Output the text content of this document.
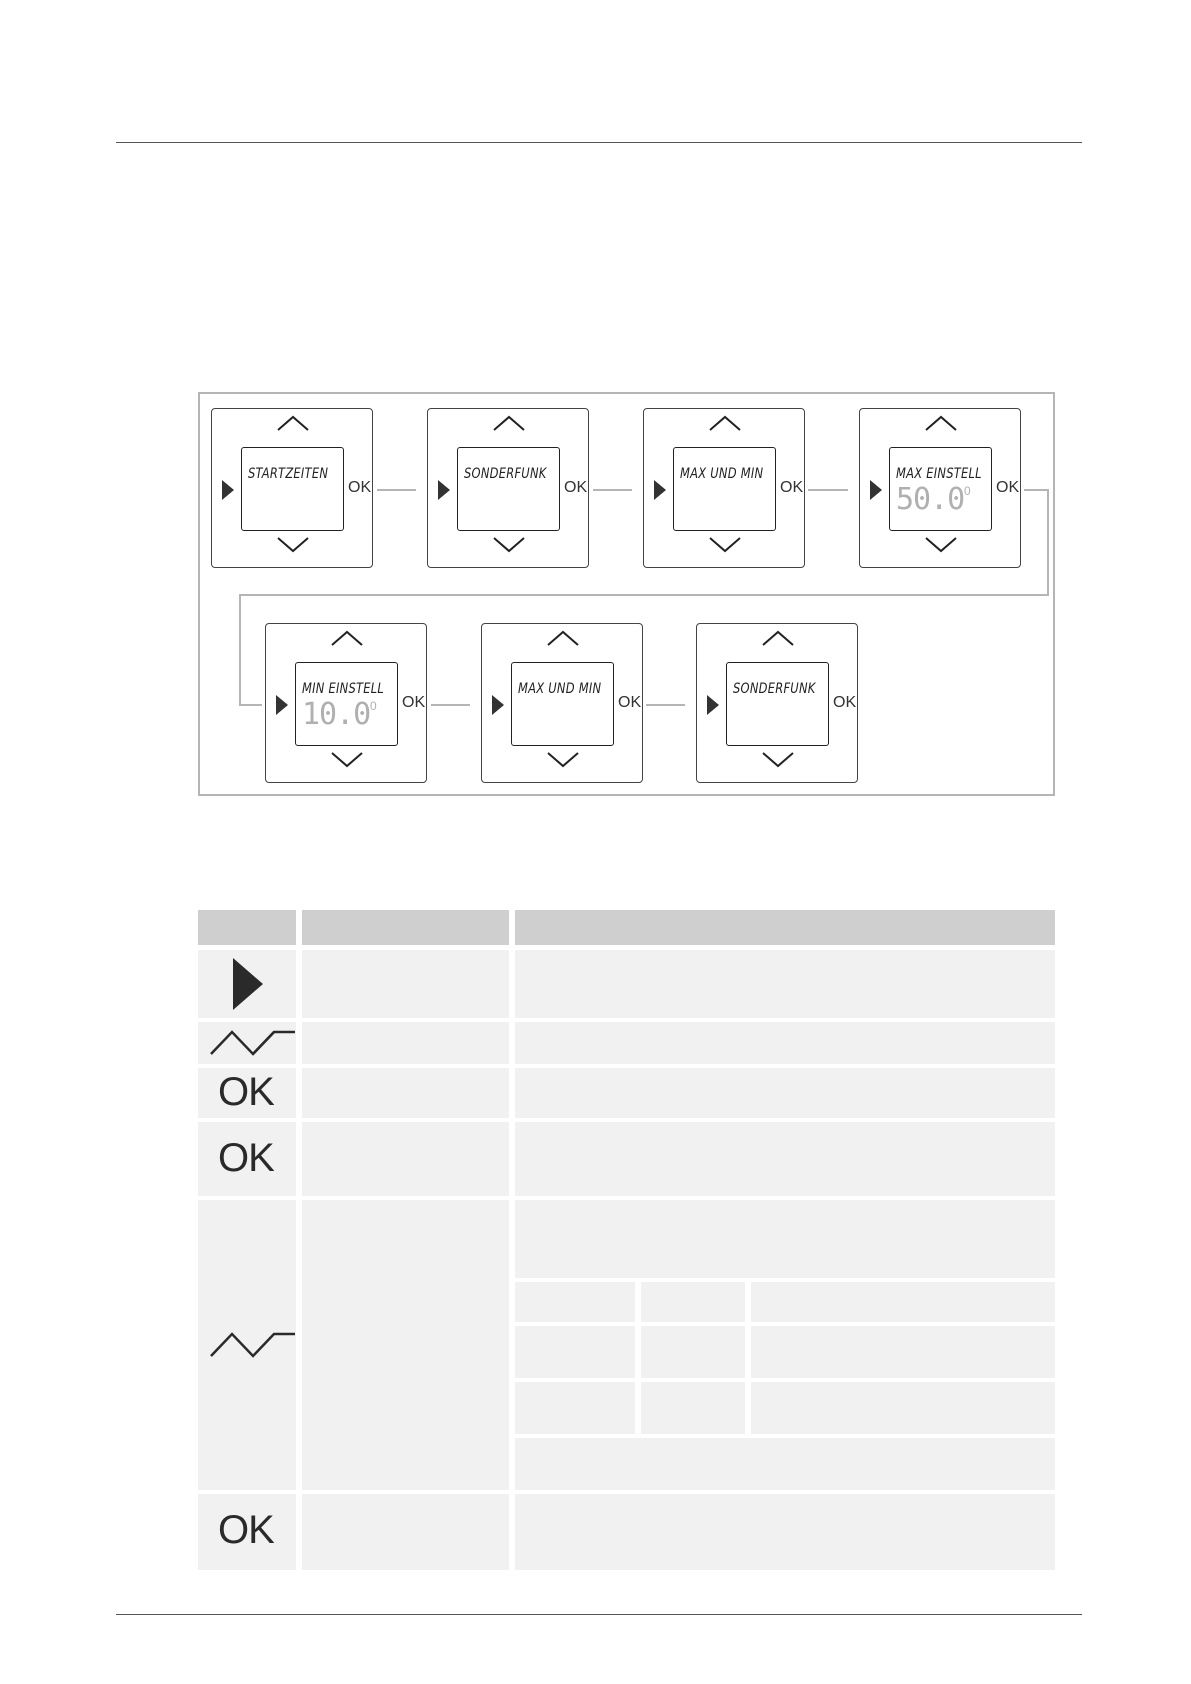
STARTZEITEN
OK
SONDERFUNK
OK
MAX UND MIN
OK
MAX EINSTELL
50.0 0 OK
MIN EINSTELL
10.0 0 OK
MAX UND MIN
OK
SONDERFUNK
OK
OK
OK
OK
